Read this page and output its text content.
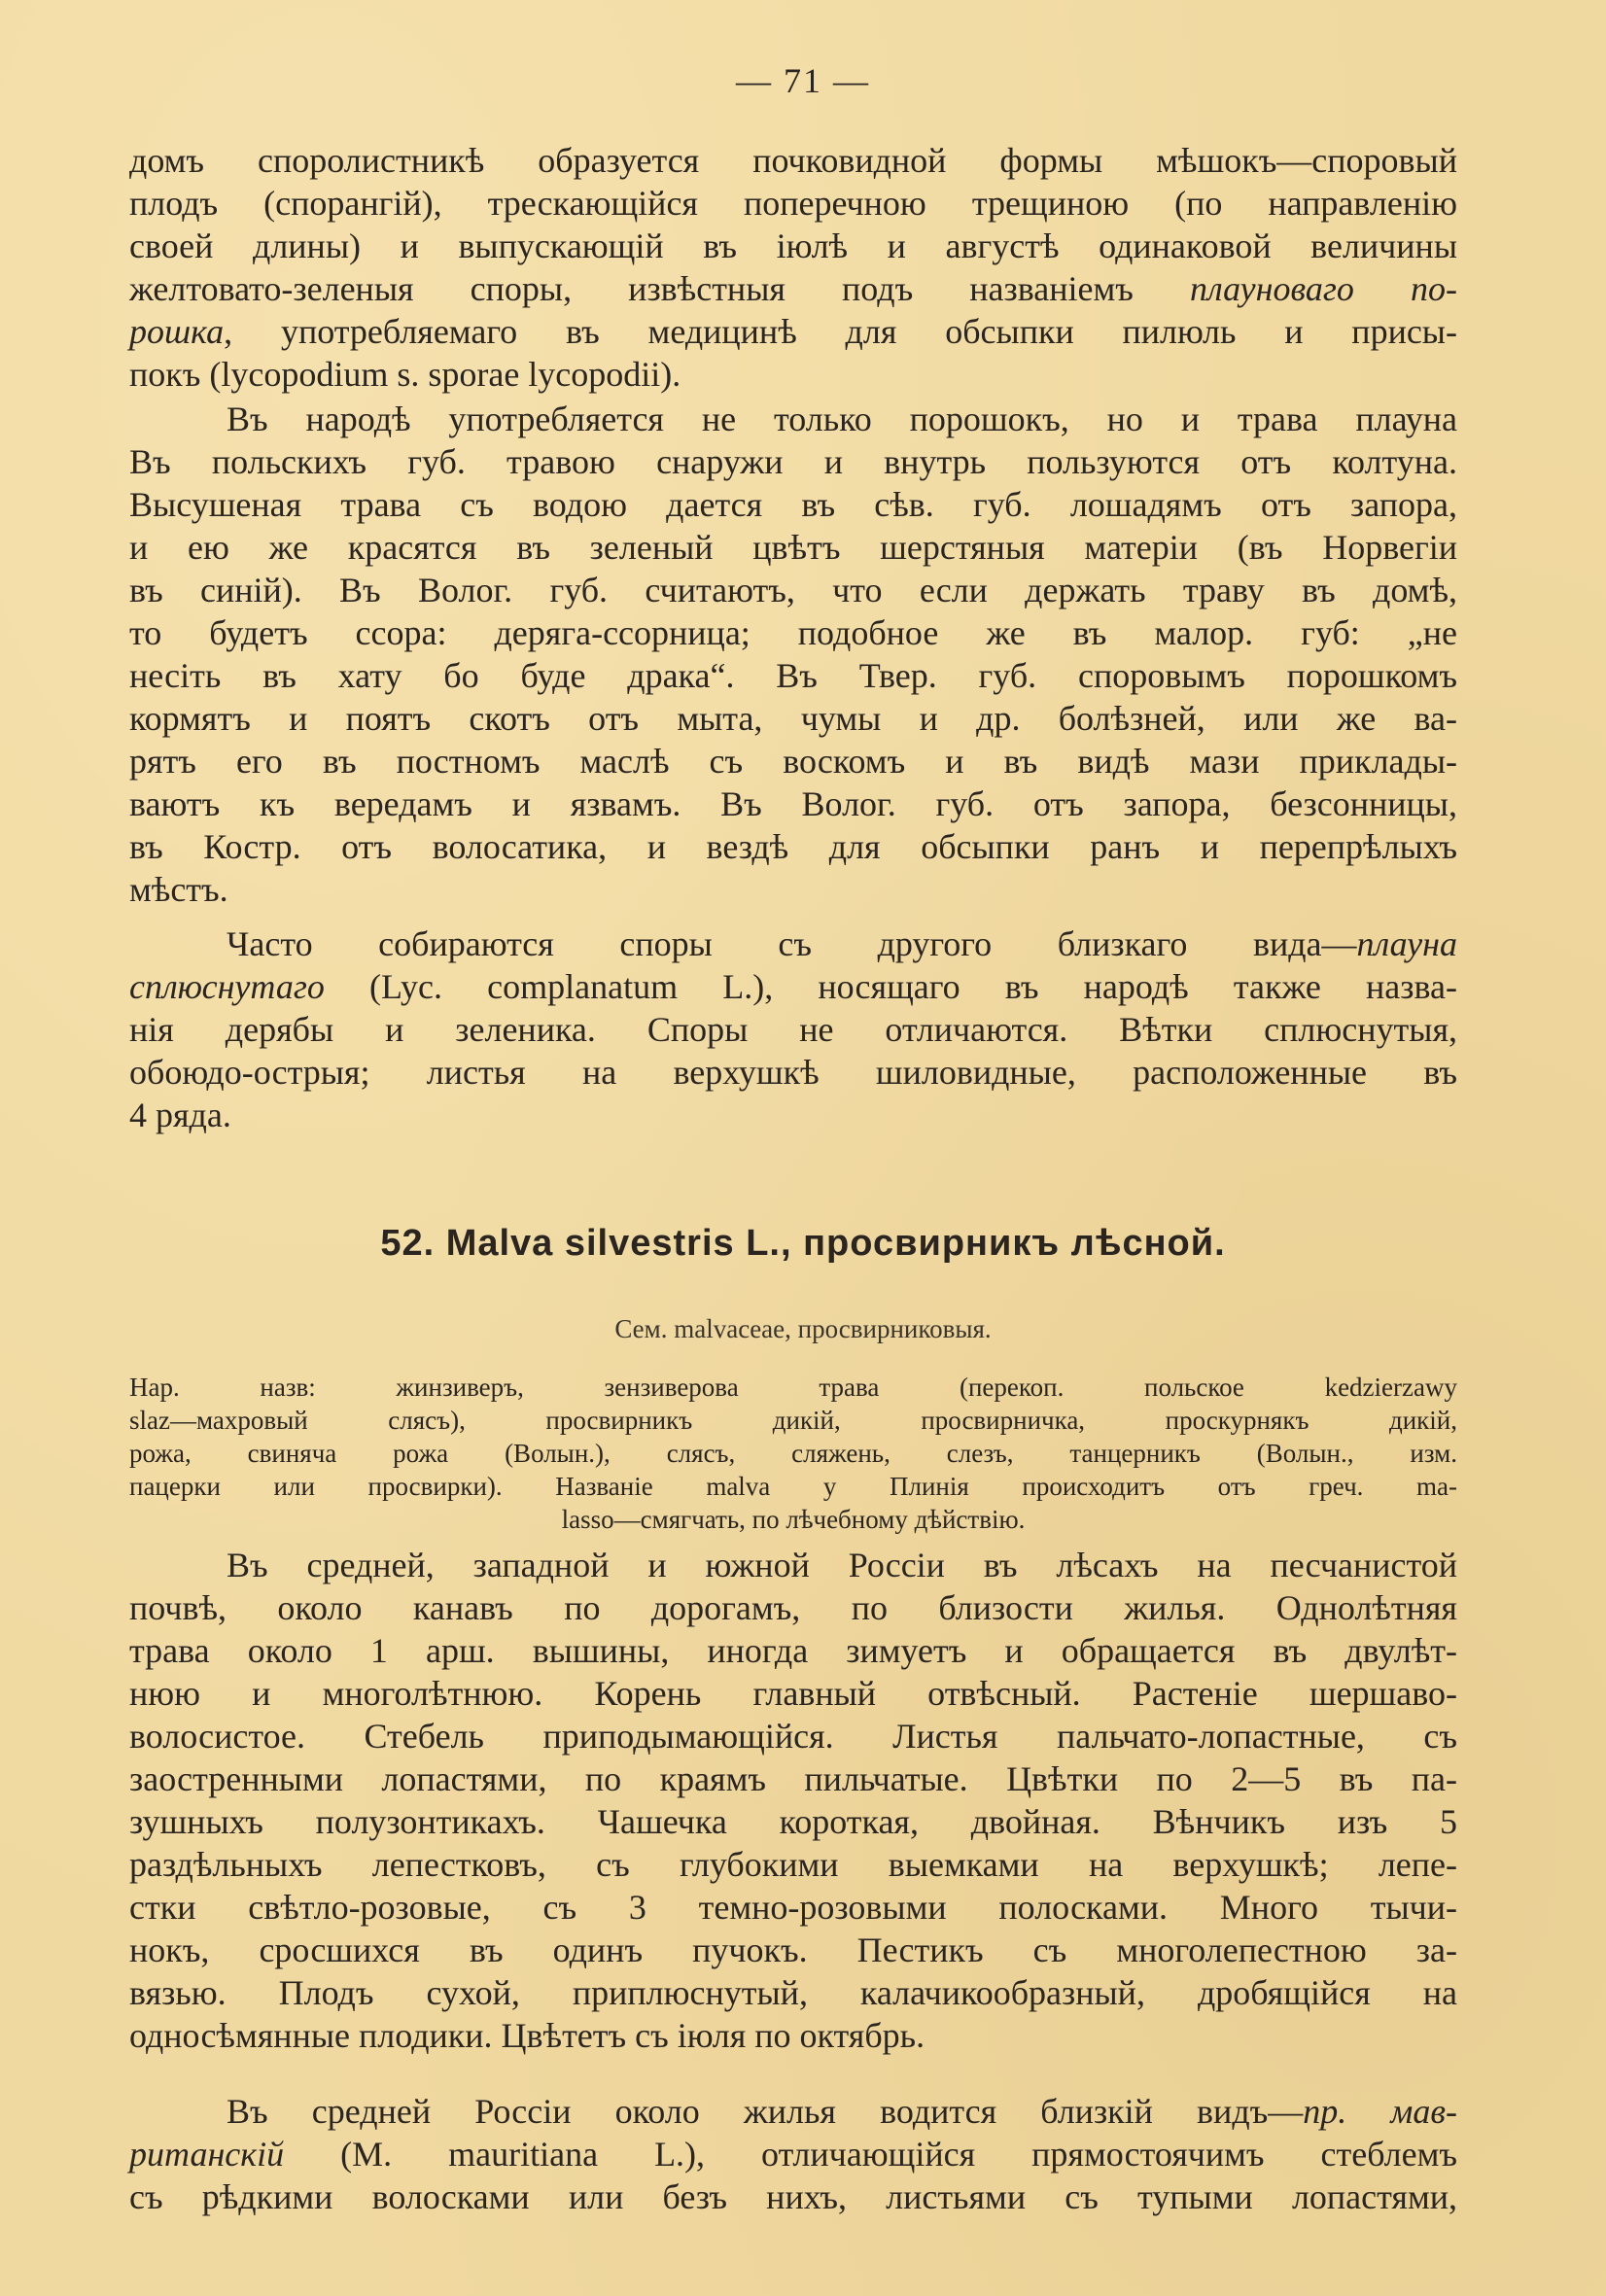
— 71 —
домъ споролистникѣ образуется почковидной формы мѣшокъ—споровый
плодъ (спорангій), трескающійся поперечною трещиною (по направленію
своей длины) и выпускающій въ іюлѣ и августѣ одинаковой величины
желтовато-зеленыя споры, извѣстныя подъ названіемъ плауноваго по-
рошка, употребляемаго въ медицинѣ для обсыпки пилюль и присы-
покъ (lycopodium s. sporae lycopodii).
Въ народѣ употребляется не только порошокъ, но и трава плауна
Въ польскихъ губ. травою снаружи и внутрь пользуются отъ колтуна.
Высушеная трава съ водою дается въ сѣв. губ. лошадямъ отъ запора,
и ею же красятся въ зеленый цвѣтъ шерстяныя матеріи (въ Норвегіи
въ синій). Въ Волог. губ. считаютъ, что если держать траву въ домѣ,
то будетъ ссора: деряга-ссорница; подобное же въ малор. губ: „не
несіть въ хату бо буде драка“. Въ Твер. губ. споровымъ порошкомъ
кормятъ и поятъ скотъ отъ мыта, чумы и др. болѣзней, или же ва-
рятъ его въ постномъ маслѣ съ воскомъ и въ видѣ мази приклады-
ваютъ къ вередамъ и язвамъ. Въ Волог. губ. отъ запора, безсонницы,
въ Костр. отъ волосатика, и вездѣ для обсыпки ранъ и перепрѣлыхъ
мѣстъ.
Часто собираются споры съ другого близкаго вида—плауна
сплюснутаго (Lyc. complanatum L.), носящаго въ народѣ также назва-
нія дерябы и зеленика. Споры не отличаются. Вѣтки сплюснутыя,
обоюдо-острыя; листья на верхушкѣ шиловидные, расположенные въ
4 ряда.
52. Malva silvestris L., просвирникъ лѣсной.
Сем. malvaceae, просвирниковыя.
Нар. назв: жинзиверъ, зензиверова трава (перекоп. польское kedzierzawy
slaz—махровый слясъ), просвирникъ дикій, просвирничка, проскурнякъ дикій,
рожа, свиняча рожа (Волын.), слясъ, сляжень, слезъ, танцерникъ (Волын., изм.
пацерки или просвирки). Названіе malva у Плинія происходитъ отъ греч. ma-
lasso—смягчать, по лѣчебному дѣйствію.
Въ средней, западной и южной Россіи въ лѣсахъ на песчанистой
почвѣ, около канавъ по дорогамъ, по близости жилья. Однолѣтняя
трава около 1 арш. вышины, иногда зимуетъ и обращается въ двулѣт-
нюю и многолѣтнюю. Корень главный отвѣсный. Растеніе шершаво-
волосистое. Стебель приподымающійся. Листья пальчато-лопастные, съ
заостренными лопастями, по краямъ пильчатые. Цвѣтки по 2—5 въ па-
зушныхъ полузонтикахъ. Чашечка короткая, двойная. Вѣнчикъ изъ 5
раздѣльныхъ лепестковъ, съ глубокими выемками на верхушкѣ; лепе-
стки свѣтло-розовые, съ 3 темно-розовыми полосками. Много тычи-
нокъ, сросшихся въ одинъ пучокъ. Пестикъ съ многолепестною за-
вязью. Плодъ сухой, приплюснутый, калачикообразный, дробящійся на
односѣмянные плодики. Цвѣтетъ съ іюля по октябрь.
Въ средней Россіи около жилья водится близкій видъ—пр. мав-
ританскій (M. mauritiana L.), отличающійся прямостоячимъ стеблемъ
съ рѣдкими волосками или безъ нихъ, листьями съ тупыми лопастями,
